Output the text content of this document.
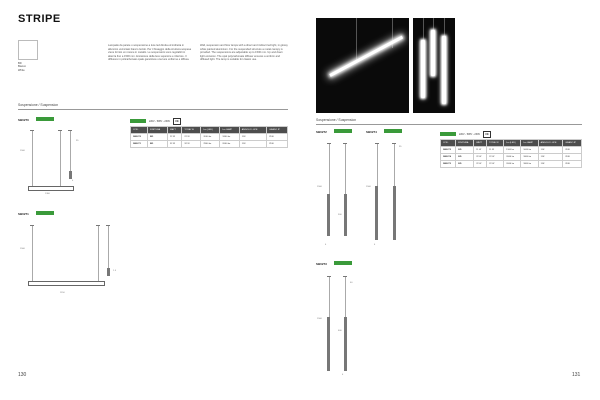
STRIPE
BD
Bianco
White
Lampade da parete o sospensione a luce led diretta ed indiretta in alluminio verniciato bianco lucido. Per il fissaggio della struttura sospesa viene fornito un rosone in metallo. Le sospensioni sono regolabili in altezza fino a 1500 mm. Emissione della luce superiore e inferiore. Il diffusore in policarbonato opale garantisce una luce uniforme e diffusa.
Wall, suspension and floor lamps with a direct and indirect led light, in glossy white painted aluminium. For the suspended structure a metal canopy is provided. The suspensions are adjustable up to 1500 mm. Up and down light emission. The opal polycarbonate diffuser ensures a uniform and diffused light. The lamp is suitable for classic use.
Sospensione / Suspension
SB0270
1500
1360
4
95
220V - 50Hz - 230V	CE
COD.	FINITURA	WATT	TOTAL W	Lm (LED)	Lm LAMP	ANGOLO LUCE	GRADO IP
SB0270	BD	22 W	22 W	2000 lm	1800 lm	110°	IP40
SB0271	BD	32 W	32 W	2900 lm	2600 lm	110°	IP40
SB0271
1500
1150
1.5
130
Sospensione / Suspension
SB0272
1500
300
4
SB0274
1500
95
4
220V - 50Hz - 230V	CE
COD.	FINITURA	WATT	TOTAL W	Lm (LED)	Lm LAMP	ANGOLO LUCE	GRADO IP
SB0272	BD	11 W	11 W	1100 lm	1000 lm	110°	IP40
SB0274	BD	22 W	22 W	2000 lm	1800 lm	110°	IP40
SB0273	BD	22 W	22 W	2000 lm	1800 lm	110°	IP40
SB0273
1500
60
600
4	131
